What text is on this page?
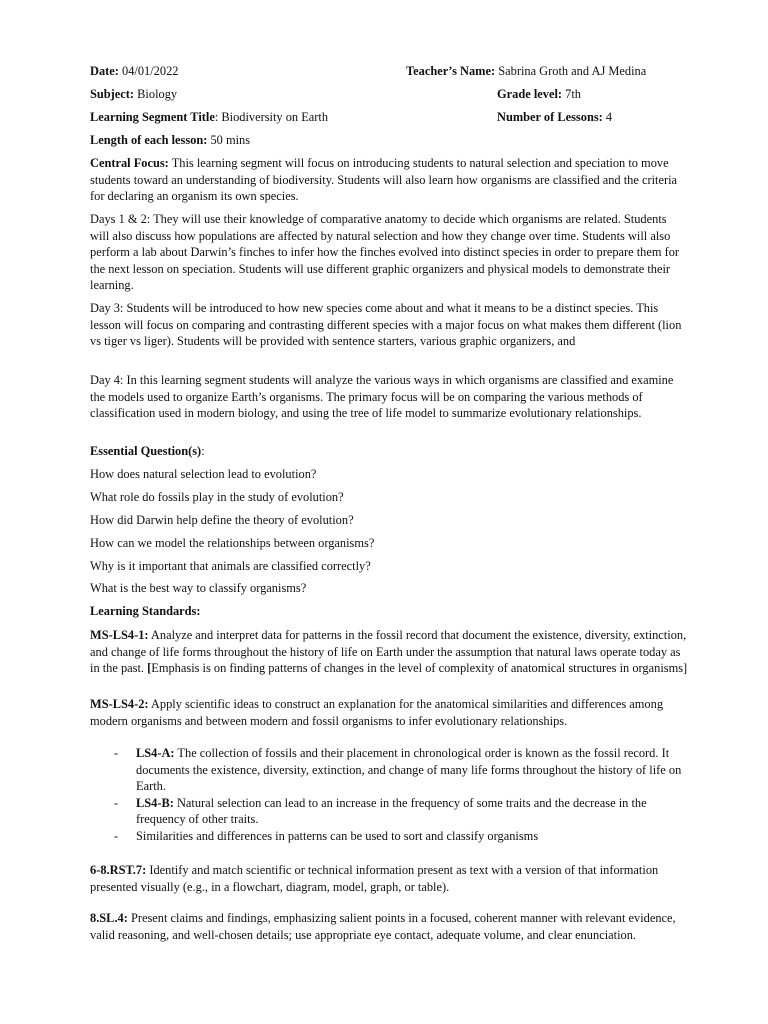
Date: 04/01/2022	Teacher’s Name: Sabrina Groth and AJ Medina
Subject: Biology	Grade level: 7th
Learning Segment Title: Biodiversity on Earth	Number of Lessons: 4
Length of each lesson: 50 mins

Central Focus: This learning segment will focus on introducing students to natural selection and speciation to move students toward an understanding of biodiversity. Students will also learn how organisms are classified and the criteria for declaring an organism its own species.

Days 1 & 2: They will use their knowledge of comparative anatomy to decide which organisms are related. Students will also discuss how populations are affected by natural selection and how they change over time. Students will also perform a lab about Darwin’s finches to infer how the finches evolved into distinct species in order to prepare them for the next lesson on speciation. Students will use different graphic organizers and physical models to demonstrate their learning.

Day 3: Students will be introduced to how new species come about and what it means to be a distinct species. This lesson will focus on comparing and contrasting different species with a major focus on what makes them different (lion vs tiger vs liger). Students will be provided with sentence starters, various graphic organizers, and

Day 4: In this learning segment students will analyze the various ways in which organisms are classified and examine the models used to organize Earth’s organisms. The primary focus will be on comparing the various methods of classification used in modern biology, and using the tree of life model to summarize evolutionary relationships.

Essential Question(s):
How does natural selection lead to evolution?
What role do fossils play in the study of evolution?
How did Darwin help define the theory of evolution?
How can we model the relationships between organisms?
Why is it important that animals are classified correctly?
What is the best way to classify organisms?
Learning Standards:

MS-LS4-1: Analyze and interpret data for patterns in the fossil record that document the existence, diversity, extinction, and change of life forms throughout the history of life on Earth under the assumption that natural laws operate today as in the past. [Emphasis is on finding patterns of changes in the level of complexity of anatomical structures in organisms]

MS-LS4-2: Apply scientific ideas to construct an explanation for the anatomical similarities and differences among modern organisms and between modern and fossil organisms to infer evolutionary relationships.

- LS4-A: The collection of fossils and their placement in chronological order is known as the fossil record. It documents the existence, diversity, extinction, and change of many life forms throughout the history of life on Earth.
- LS4-B: Natural selection can lead to an increase in the frequency of some traits and the decrease in the frequency of other traits.
- Similarities and differences in patterns can be used to sort and classify organisms

6-8.RST.7: Identify and match scientific or technical information present as text with a version of that information presented visually (e.g., in a flowchart, diagram, model, graph, or table).

8.SL.4: Present claims and findings, emphasizing salient points in a focused, coherent manner with relevant evidence, valid reasoning, and well-chosen details; use appropriate eye contact, adequate volume, and clear enunciation.
